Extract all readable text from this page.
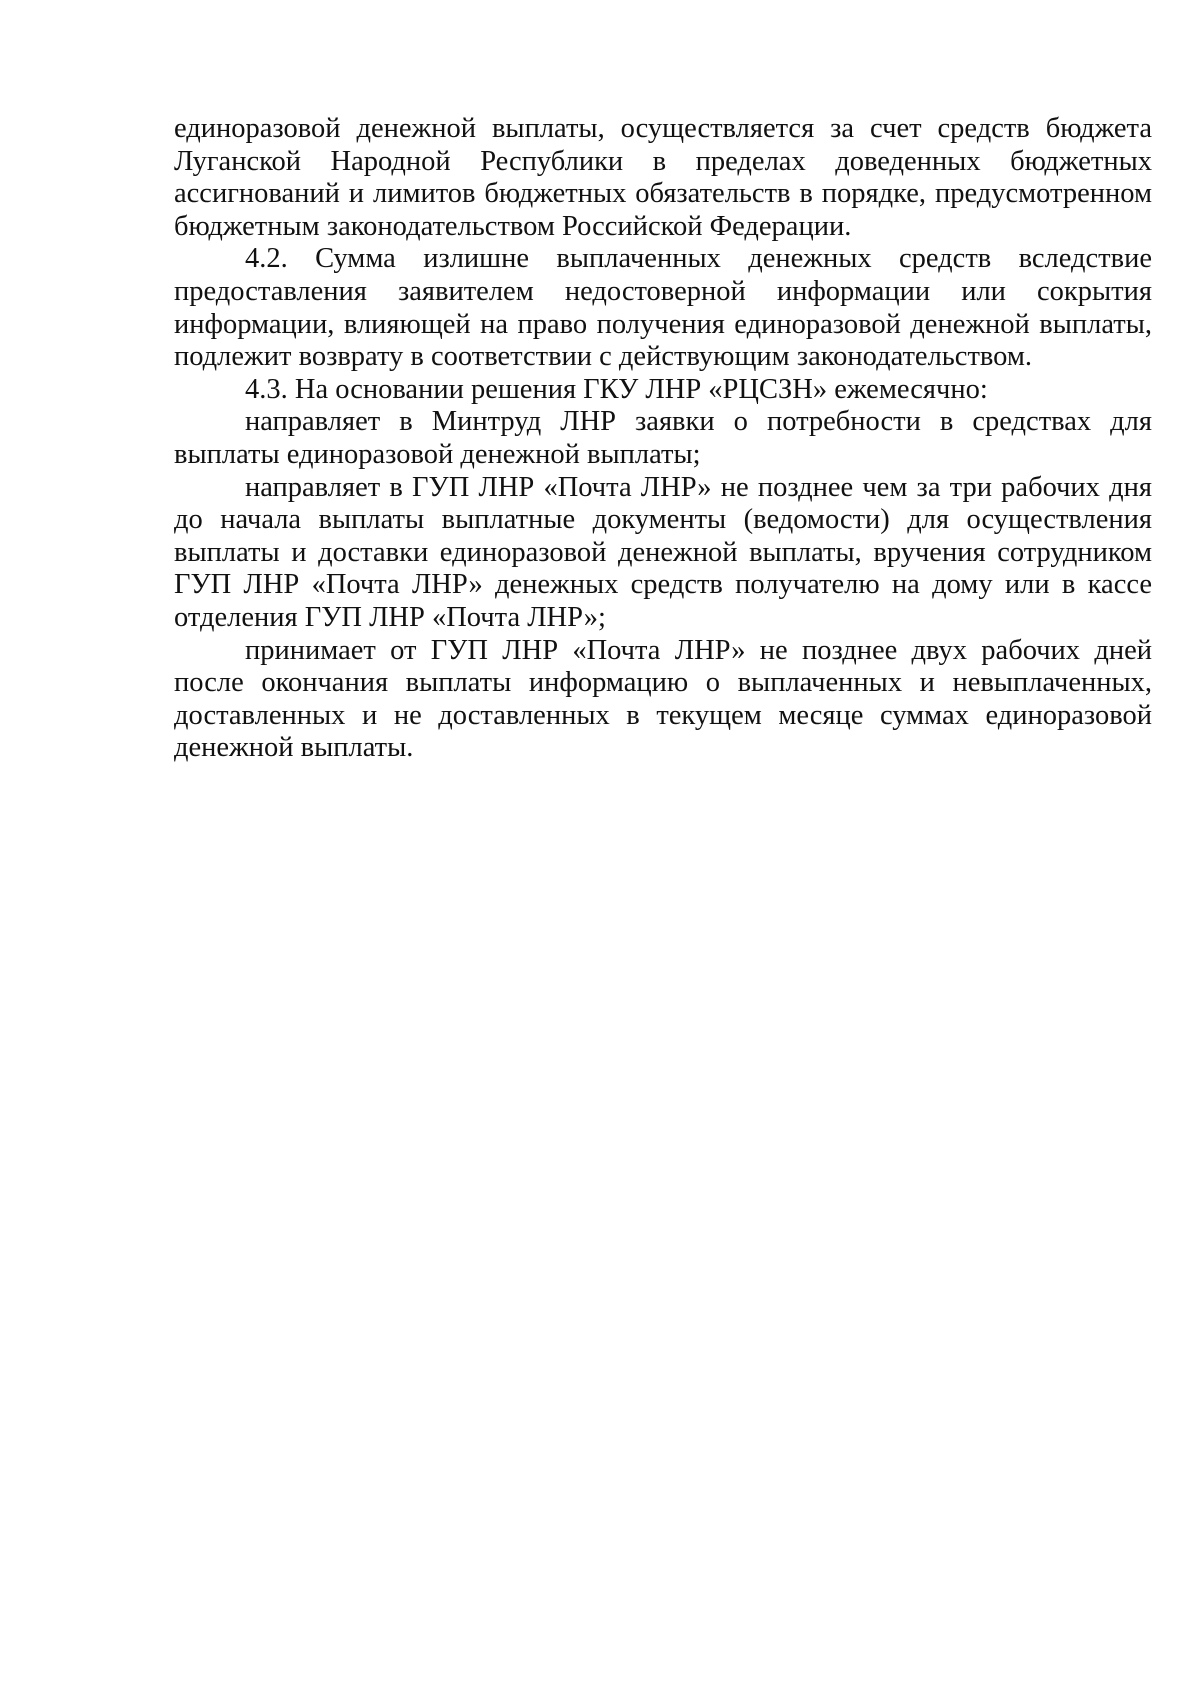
единоразовой денежной выплаты, осуществляется за счет средств бюджета Луганской Народной Республики в пределах доведенных бюджетных ассигнований и лимитов бюджетных обязательств в порядке, предусмотренном бюджетным законодательством Российской Федерации.

4.2. Сумма излишне выплаченных денежных средств вследствие предоставления заявителем недостоверной информации или сокрытия информации, влияющей на право получения единоразовой денежной выплаты, подлежит возврату в соответствии с действующим законодательством.

4.3. На основании решения ГКУ ЛНР «РЦСЗН» ежемесячно:

направляет в Минтруд ЛНР заявки о потребности в средствах для выплаты единоразовой денежной выплаты;

направляет в ГУП ЛНР «Почта ЛНР» не позднее чем за три рабочих дня до начала выплаты выплатные документы (ведомости) для осуществления выплаты и доставки единоразовой денежной выплаты, вручения сотрудником ГУП ЛНР «Почта ЛНР» денежных средств получателю на дому или в кассе отделения ГУП ЛНР «Почта ЛНР»;

принимает от ГУП ЛНР «Почта ЛНР» не позднее двух рабочих дней после окончания выплаты информацию о выплаченных и невыплаченных, доставленных и не доставленных в текущем месяце суммах единоразовой денежной выплаты.
